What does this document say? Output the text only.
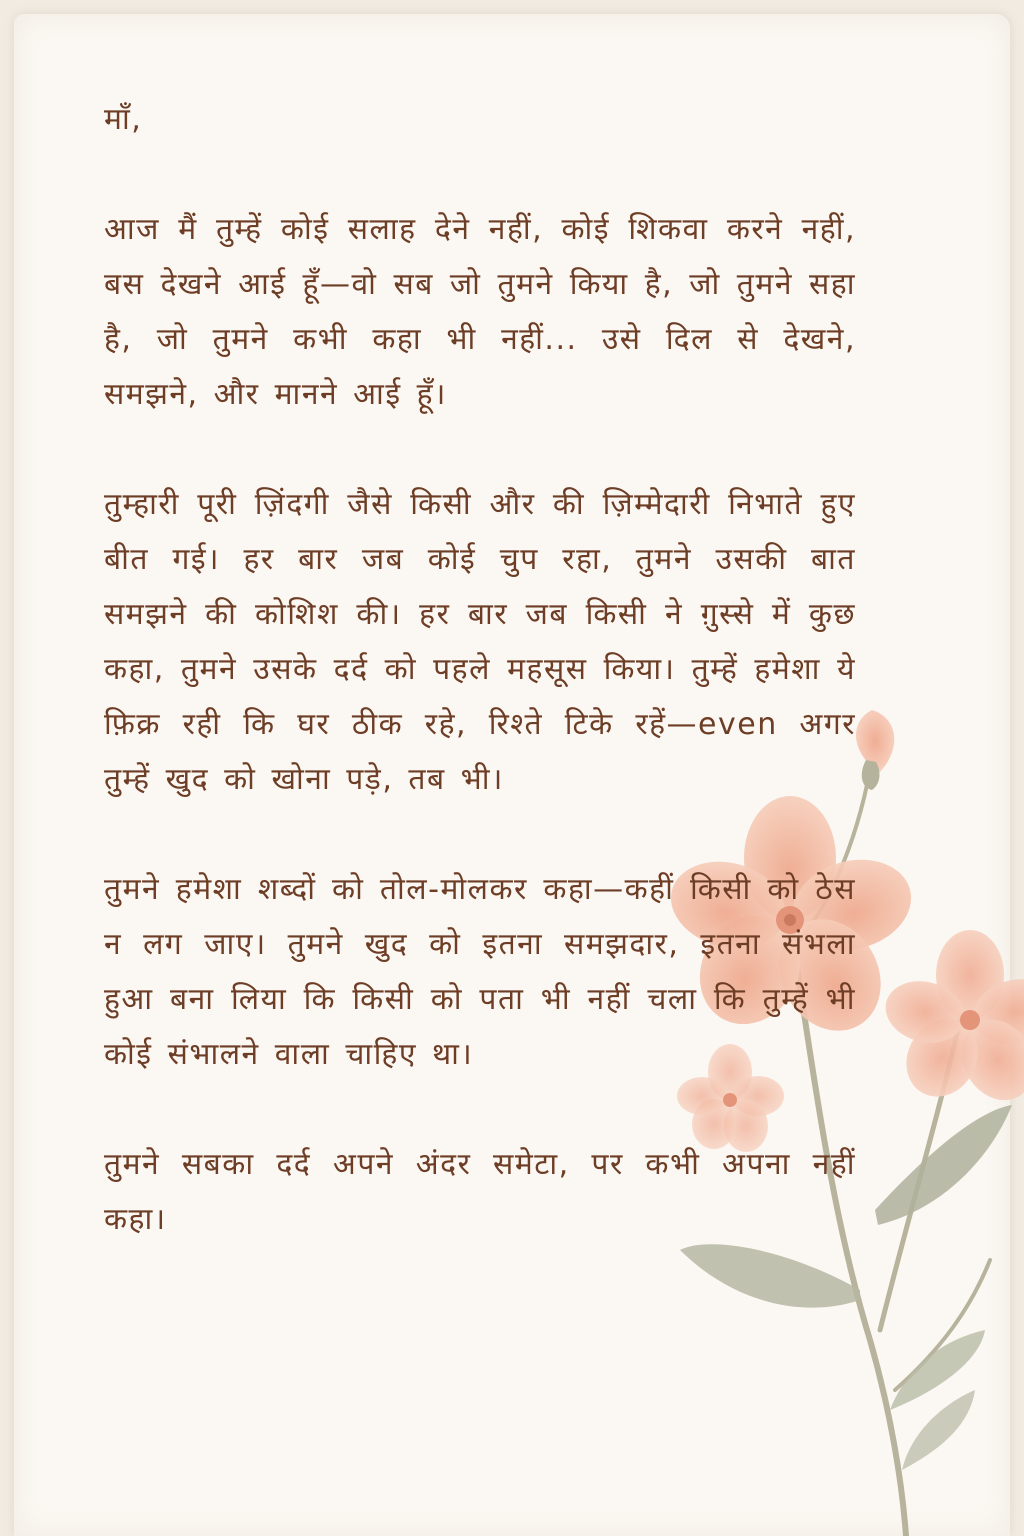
माँ,

आज मैं तुम्हें कोई सलाह देने नहीं, कोई शिकवा करने नहीं, बस देखने आई हूँ—वो सब जो तुमने किया है, जो तुमने सहा है, जो तुमने कभी कहा भी नहीं... उसे दिल से देखने, समझने, और मानने आई हूँ।

तुम्हारी पूरी ज़िंदगी जैसे किसी और की ज़िम्मेदारी निभाते हुए बीत गई। हर बार जब कोई चुप रहा, तुमने उसकी बात समझने की कोशिश की। हर बार जब किसी ने ग़ुस्से में कुछ कहा, तुमने उसके दर्द को पहले महसूस किया। तुम्हें हमेशा ये फ़िक्र रही कि घर ठीक रहे, रिश्ते टिके रहें—even अगर तुम्हें खुद को खोना पड़े, तब भी।

तुमने हमेशा शब्दों को तोल-मोलकर कहा—कहीं किसी को ठेस न लग जाए। तुमने खुद को इतना समझदार, इतना संभला हुआ बना लिया कि किसी को पता भी नहीं चला कि तुम्हें भी कोई संभालने वाला चाहिए था।

तुमने सबका दर्द अपने अंदर समेटा, पर कभी अपना नहीं कहा।
